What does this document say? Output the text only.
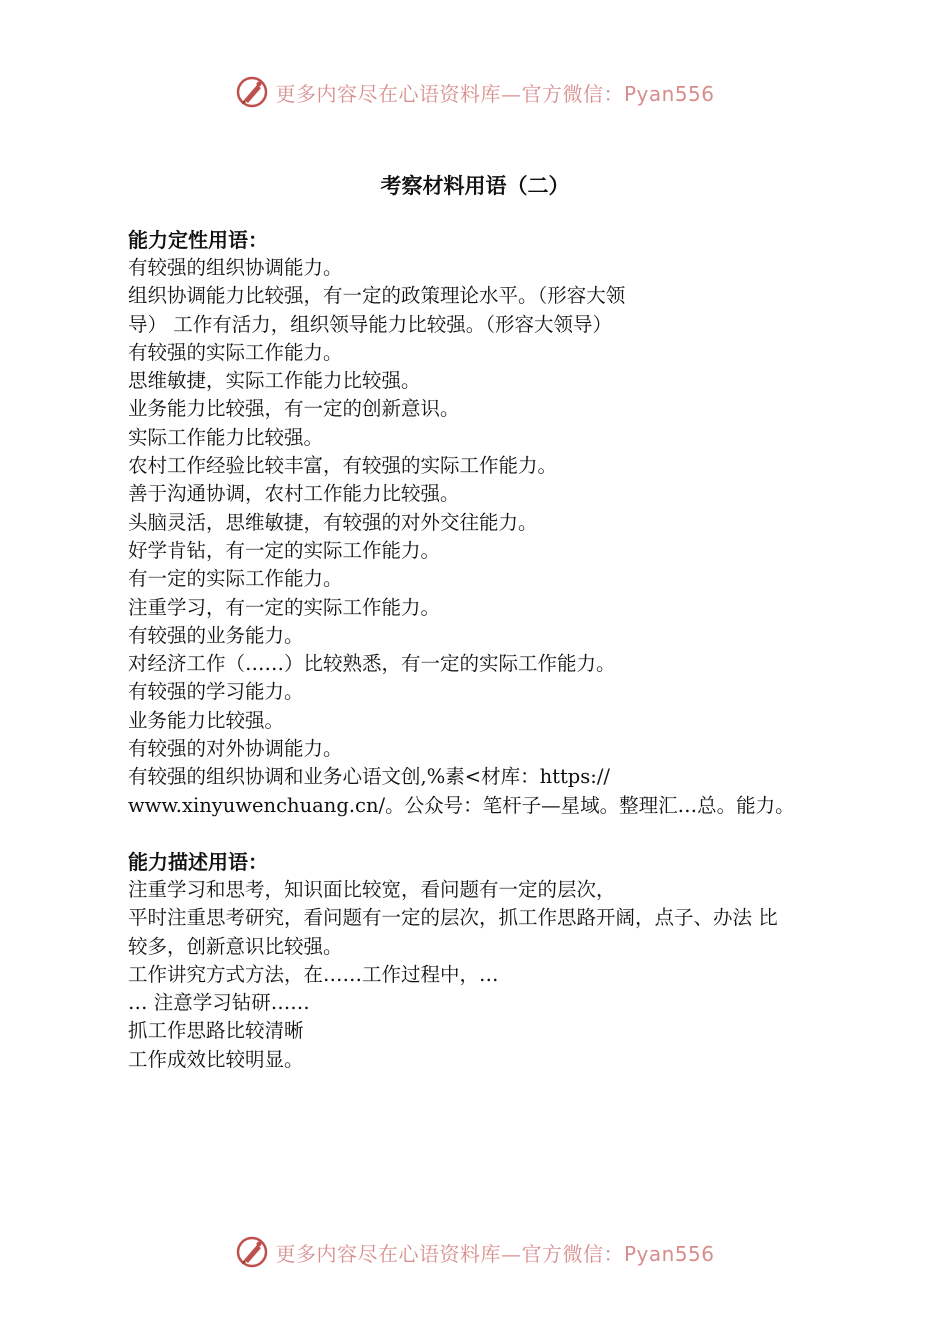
更多内容尽在心语资料库—官方微信：Pyan556
考察材料用语（二）
能力定性用语：
有较强的组织协调能力。
组织协调能力比较强，有一定的政策理论水平。（形容大领
导） 工作有活力，组织领导能力比较强。（形容大领导）
有较强的实际工作能力。
思维敏捷，实际工作能力比较强。
业务能力比较强，有一定的创新意识。
实际工作能力比较强。
农村工作经验比较丰富，有较强的实际工作能力。
善于沟通协调，农村工作能力比较强。
头脑灵活，思维敏捷，有较强的对外交往能力。
好学肯钻，有一定的实际工作能力。
有一定的实际工作能力。
注重学习，有一定的实际工作能力。
有较强的业务能力。
对经济工作（……）比较熟悉，有一定的实际工作能力。
有较强的学习能力。
业务能力比较强。
有较强的对外协调能力。
有较强的组织协调和业务心语文创,%素<材库：https://
www.xinyuwenchuang.cn/。公众号：笔杆子—星域。整理汇…总。能力。
能力描述用语：
注重学习和思考，知识面比较宽，看问题有一定的层次，
平时注重思考研究，看问题有一定的层次，抓工作思路开阔，点子、办法 比
较多，创新意识比较强。
工作讲究方式方法，在……工作过程中，…
… 注意学习钻研……
抓工作思路比较清晰
工作成效比较明显。
更多内容尽在心语资料库—官方微信：Pyan556
